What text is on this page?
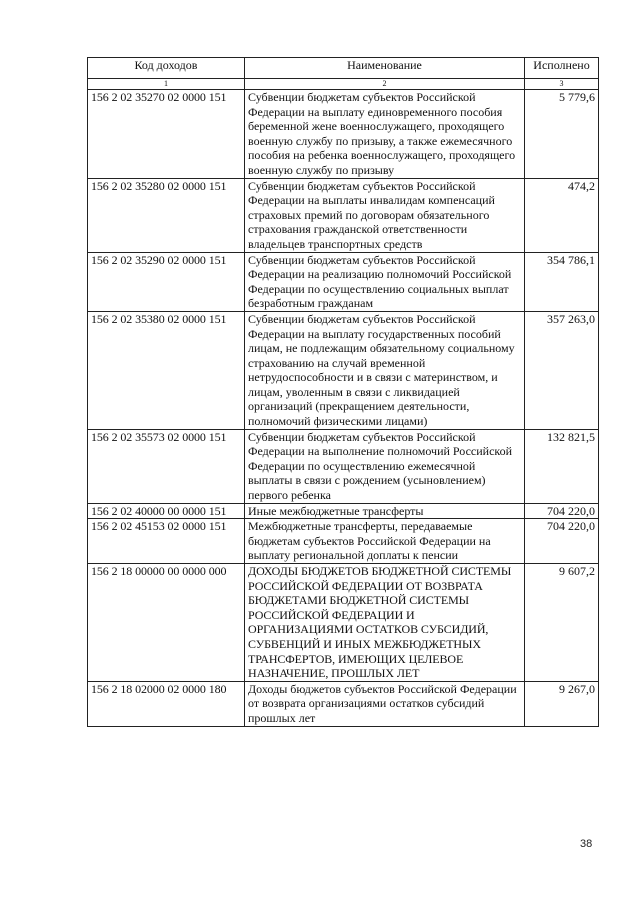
Код доходов	Наименование	Исполнено
1	2	3
156 2 02 35270 02 0000 151	Субвенции бюджетам субъектов Российской Федерации на выплату единовременного пособия беременной жене военнослужащего, проходящего военную службу по призыву, а также ежемесячного пособия на ребенка военнослужащего, проходящего военную службу по призыву	5 779,6
156 2 02 35280 02 0000 151	Субвенции бюджетам субъектов Российской Федерации на выплаты инвалидам компенсаций страховых премий по договорам обязательного страхования гражданской ответственности владельцев транспортных средств	474,2
156 2 02 35290 02 0000 151	Субвенции бюджетам субъектов Российской Федерации на реализацию полномочий Российской Федерации по осуществлению социальных выплат безработным гражданам	354 786,1
156 2 02 35380 02 0000 151	Субвенции бюджетам субъектов Российской Федерации на выплату государственных пособий лицам, не подлежащим обязательному социальному страхованию на случай временной нетрудоспособности и в связи с материнством, и лицам, уволенным в связи с ликвидацией организаций (прекращением деятельности, полномочий физическими лицами)	357 263,0
156 2 02 35573 02 0000 151	Субвенции бюджетам субъектов Российской Федерации на выполнение полномочий Российской Федерации по осуществлению ежемесячной выплаты в связи с рождением (усыновлением) первого ребенка	132 821,5
156 2 02 40000 00 0000 151	Иные межбюджетные трансферты	704 220,0
156 2 02 45153 02 0000 151	Межбюджетные трансферты, передаваемые бюджетам субъектов Российской Федерации на выплату региональной доплаты к пенсии	704 220,0
156 2 18 00000 00 0000 000	ДОХОДЫ БЮДЖЕТОВ БЮДЖЕТНОЙ СИСТЕМЫ РОССИЙСКОЙ ФЕДЕРАЦИИ ОТ ВОЗВРАТА БЮДЖЕТАМИ БЮДЖЕТНОЙ СИСТЕМЫ РОССИЙСКОЙ ФЕДЕРАЦИИ И ОРГАНИЗАЦИЯМИ ОСТАТКОВ СУБСИДИЙ, СУБВЕНЦИЙ И ИНЫХ МЕЖБЮДЖЕТНЫХ ТРАНСФЕРТОВ, ИМЕЮЩИХ ЦЕЛЕВОЕ НАЗНАЧЕНИЕ, ПРОШЛЫХ ЛЕТ	9 607,2
156 2 18 02000 02 0000 180	Доходы бюджетов субъектов Российской Федерации от возврата организациями остатков субсидий прошлых лет	9 267,0
38
